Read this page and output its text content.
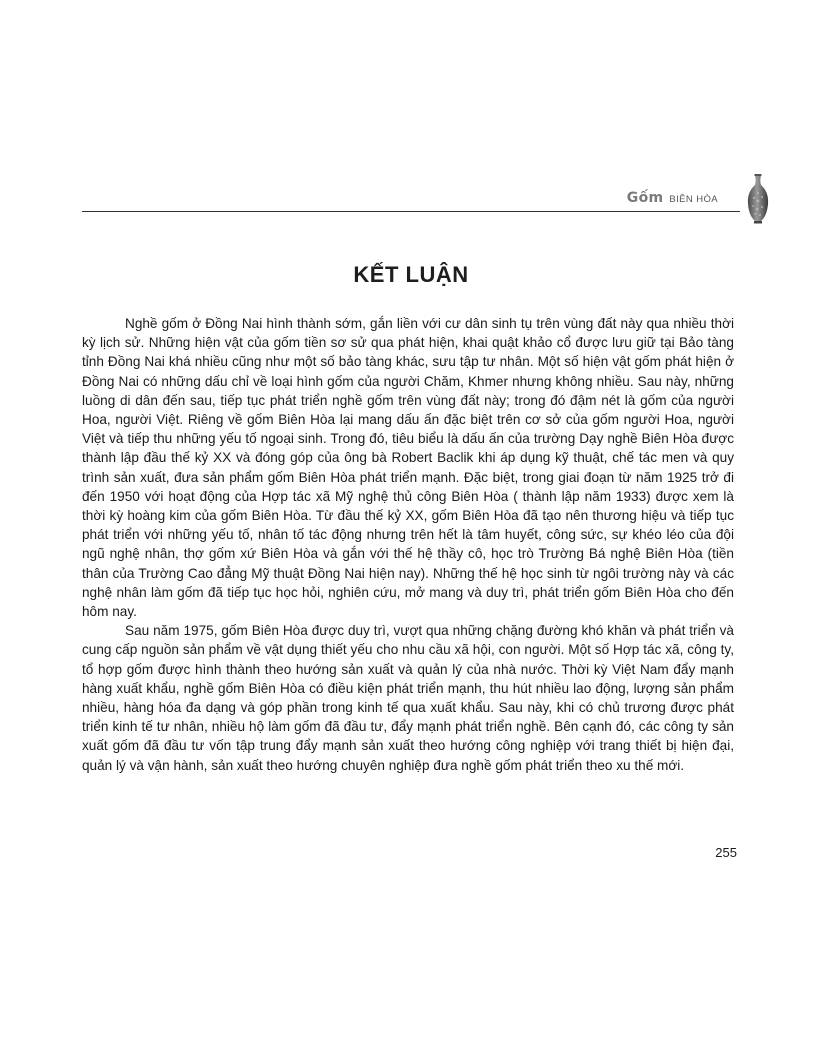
Gốm BIÊN HÒA
KẾT LUẬN

Nghề gốm ở Đồng Nai hình thành sớm, gắn liền với cư dân sinh tụ trên vùng đất này qua nhiều thời kỳ lịch sử. Những hiện vật của gốm tiền sơ sử qua phát hiện, khai quật khảo cổ được lưu giữ tại Bảo tàng tỉnh Đồng Nai khá nhiều cũng như một số bảo tàng khác, sưu tập tư nhân. Một số hiện vật gốm phát hiện ở Đồng Nai có những dấu chỉ về loại hình gốm của người Chăm, Khmer nhưng không nhiều. Sau này, những luồng di dân đến sau, tiếp tục phát triển nghề gốm trên vùng đất này; trong đó đậm nét là gốm của người Hoa, người Việt. Riêng về gốm Biên Hòa lại mang dấu ấn đặc biệt trên cơ sở của gốm người Hoa, người Việt và tiếp thu những yếu tố ngoại sinh. Trong đó, tiêu biểu là dấu ấn của trường Dạy nghề Biên Hòa được thành lập đầu thế kỷ XX và đóng góp của ông bà Robert Baclik khi áp dụng kỹ thuật, chế tác men và quy trình sản xuất, đưa sản phẩm gốm Biên Hòa phát triển mạnh. Đặc biệt, trong giai đoạn từ năm 1925 trở đi đến 1950 với hoạt động của Hợp tác xã Mỹ nghệ thủ công Biên Hòa ( thành lập năm 1933) được xem là thời kỳ hoàng kim của gốm Biên Hòa. Từ đầu thế kỷ XX, gốm Biên Hòa đã tạo nên thương hiệu và tiếp tục phát triển với những yếu tố, nhân tố tác động nhưng trên hết là tâm huyết, công sức, sự khéo léo của đội ngũ nghệ nhân, thợ gốm xứ Biên Hòa và gắn với thế hệ thầy cô, học trò Trường Bá nghệ Biên Hòa (tiền thân của Trường Cao đẳng Mỹ thuật Đồng Nai hiện nay). Những thế hệ học sinh từ ngôi trường này và các nghệ nhân làm gốm đã tiếp tục học hỏi, nghiên cứu, mở mang và duy trì, phát triển gốm Biên Hòa cho đến hôm nay.

Sau năm 1975, gốm Biên Hòa được duy trì, vượt qua những chặng đường khó khăn và phát triển và cung cấp nguồn sản phẩm về vật dụng thiết yếu cho nhu cầu xã hội, con người. Một số Hợp tác xã, công ty, tổ hợp gốm được hình thành theo hướng sản xuất và quản lý của nhà nước. Thời kỳ Việt Nam đẩy mạnh hàng xuất khẩu, nghề gốm Biên Hòa có điều kiện phát triển mạnh, thu hút nhiều lao động, lượng sản phẩm nhiều, hàng hóa đa dạng và góp phần trong kinh tế qua xuất khẩu. Sau này, khi có chủ trương được phát triển kinh tế tư nhân, nhiều hộ làm gốm đã đầu tư, đẩy mạnh phát triển nghề. Bên cạnh đó, các công ty sản xuất gốm đã đầu tư vốn tập trung đẩy mạnh sản xuất theo hướng công nghiệp với trang thiết bị hiện đại, quản lý và vận hành, sản xuất theo hướng chuyên nghiệp đưa nghề gốm phát triển theo xu thế mới.

255
